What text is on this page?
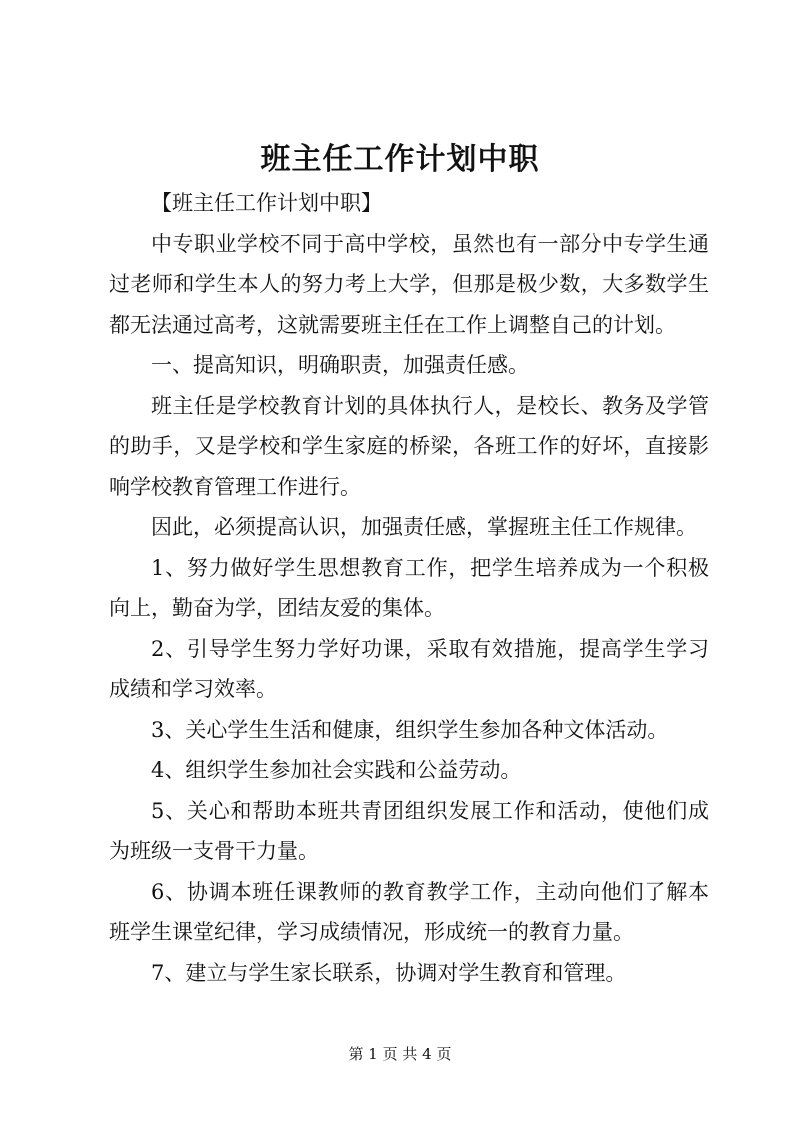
班主任工作计划中职

【班主任工作计划中职】

中专职业学校不同于高中学校，虽然也有一部分中专学生通过老师和学生本人的努力考上大学，但那是极少数，大多数学生都无法通过高考，这就需要班主任在工作上调整自己的计划。

一、提高知识，明确职责，加强责任感。

班主任是学校教育计划的具体执行人，是校长、教务及学管的助手，又是学校和学生家庭的桥梁，各班工作的好坏，直接影响学校教育管理工作进行。

因此，必须提高认识，加强责任感，掌握班主任工作规律。

1、努力做好学生思想教育工作，把学生培养成为一个积极向上，勤奋为学，团结友爱的集体。

2、引导学生努力学好功课，采取有效措施，提高学生学习成绩和学习效率。

3、关心学生生活和健康，组织学生参加各种文体活动。

4、组织学生参加社会实践和公益劳动。

5、关心和帮助本班共青团组织发展工作和活动，使他们成为班级一支骨干力量。

6、协调本班任课教师的教育教学工作，主动向他们了解本班学生课堂纪律，学习成绩情况，形成统一的教育力量。

7、建立与学生家长联系，协调对学生教育和管理。

第 1 页 共 4 页
